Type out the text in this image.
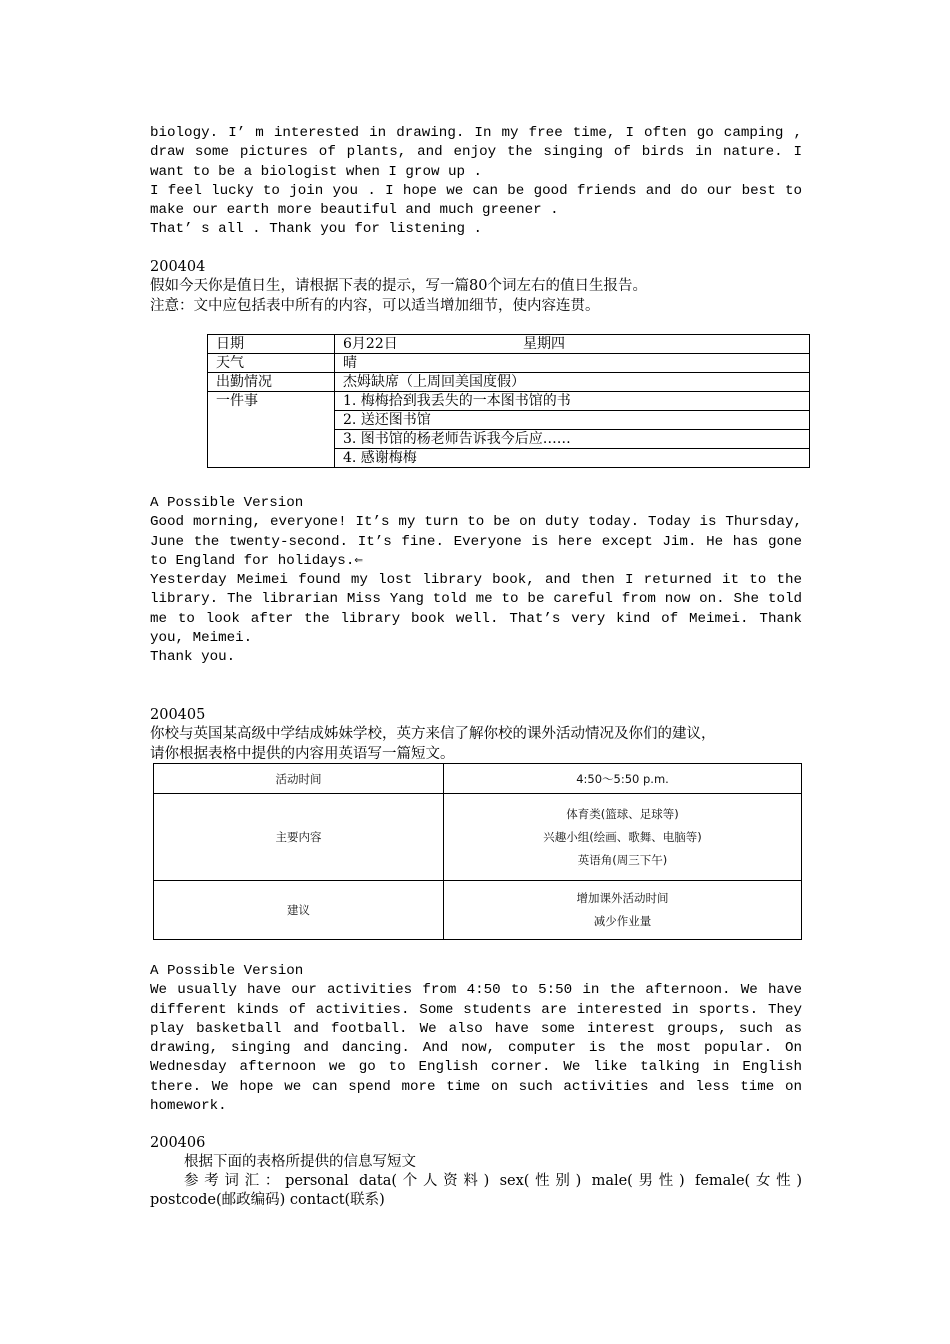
biology. I’ m interested in drawing. In my free time, I often go camping ,

draw some pictures of plants, and enjoy the singing of birds in nature. I

want to be a biologist when I grow up .

I feel lucky to join you . I hope we can be good friends and do our best to

make our earth more beautiful and much greener .

That’ s all . Thank you for listening .

200404

假如今天你是值日生，请根据下表的提示，写一篇80个词左右的值日生报告。

注意：文中应包括表中所有的内容，可以适当增加细节，使内容连贯。

日期	6月22日 星期四

天气	晴
出勤情况	杰姆缺席（上周回美国度假）
一件事	1. 梅梅拾到我丢失的一本图书馆的书
	2. 送还图书馆
	3. 图书馆的杨老师告诉我今后应……
	4. 感谢梅梅

A Possible Version

Good morning, everyone! It’s my turn to be on duty today. Today is Thursday,

June the twenty-second. It’s fine. Everyone is here except Jim. He has gone

to England for holidays.⇐

Yesterday Meimei found my lost library book, and then I returned it to the

library. The librarian Miss Yang told me to be careful from now on. She told

me to look after the library book well. That’s very kind of Meimei. Thank

you, Meimei.

Thank you.

200405

你校与英国某高级中学结成姊妹学校，英方来信了解你校的课外活动情况及你们的建议，

请你根据表格中提供的内容用英语写一篇短文。

活动时间	4:50～5:50 p.m.
主要内容	体育类(篮球、足球等)
兴趣小组(绘画、歌舞、电脑等)
英语角(周三下午)

建议	增加课外活动时间
减少作业量

A Possible Version

We usually have our activities from 4:50 to 5:50 in the afternoon. We have

different kinds of activities. Some students are interested in sports. They

play basketball and football. We also have some interest groups, such as

drawing, singing and dancing. And now, computer is the most popular. On

Wednesday afternoon we go to English corner. We like talking in English

there. We hope we can spend more time on such activities and less time on

homework.

200406

根据下面的表格所提供的信息写短文

参考词汇：personal data(个人资料) sex(性别) male(男性) female(女性)

postcode(邮政编码) contact(联系)
